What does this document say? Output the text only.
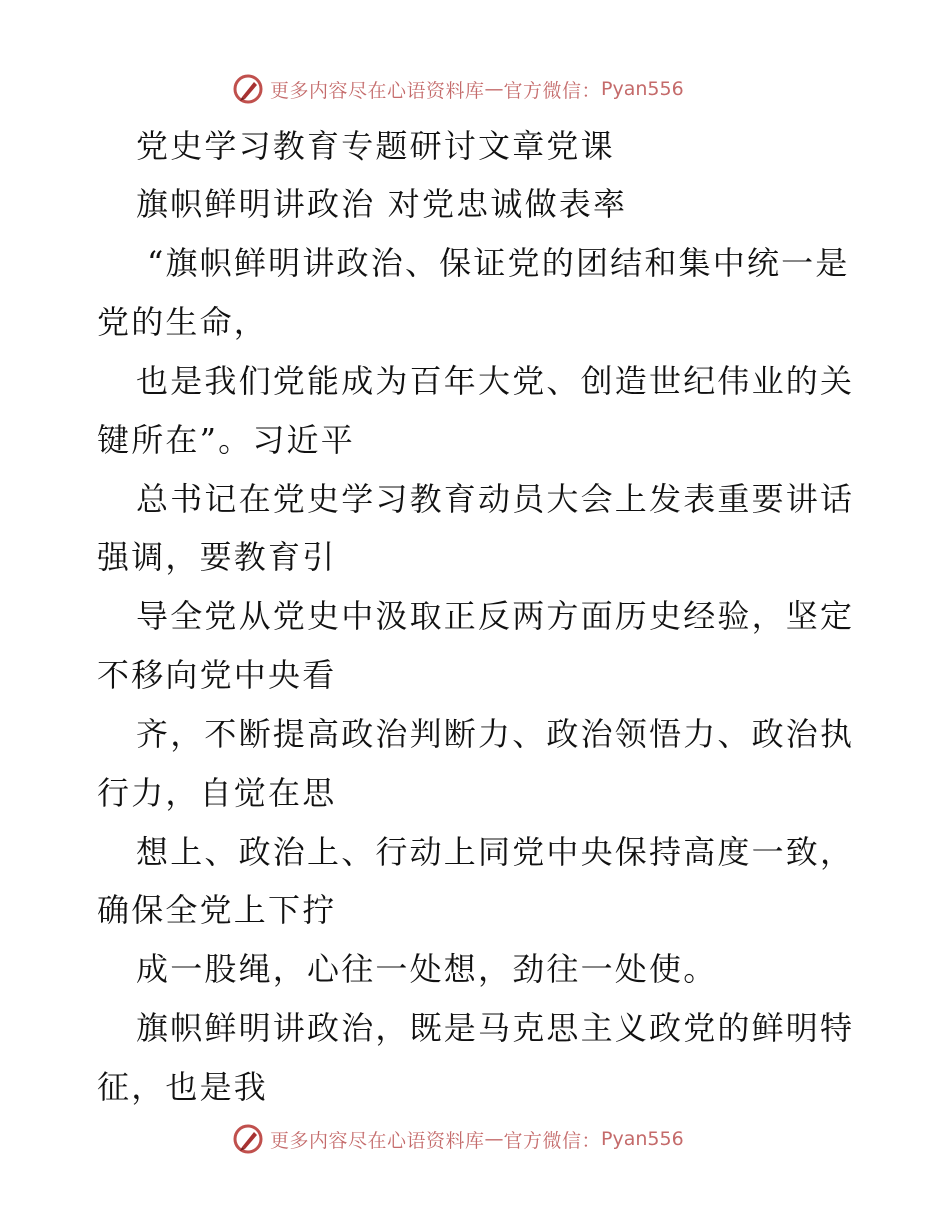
更多内容尽在心语资料库 — 官方微信： Pyan556
党史学习教育专题研讨文章党课
旗帜鲜明讲政治 对党忠诚做表率
“旗帜鲜明讲政治、保证党的团结和集中统一是
党的生命，
也是我们党能成为百年大党、创造世纪伟业的关
键所在”。习近平
总书记在党史学习教育动员大会上发表重要讲话
强调，要教育引
导全党从党史中汲取正反两方面历史经验，坚定
不移向党中央看
齐，不断提高政治判断力、政治领悟力、政治执
行力，自觉在思
想上、政治上、行动上同党中央保持高度一致，
确保全党上下拧
成一股绳，心往一处想，劲往一处使。
旗帜鲜明讲政治，既是马克思主义政党的鲜明特
征，也是我
更多内容尽在心语资料库 — 官方微信： Pyan556
